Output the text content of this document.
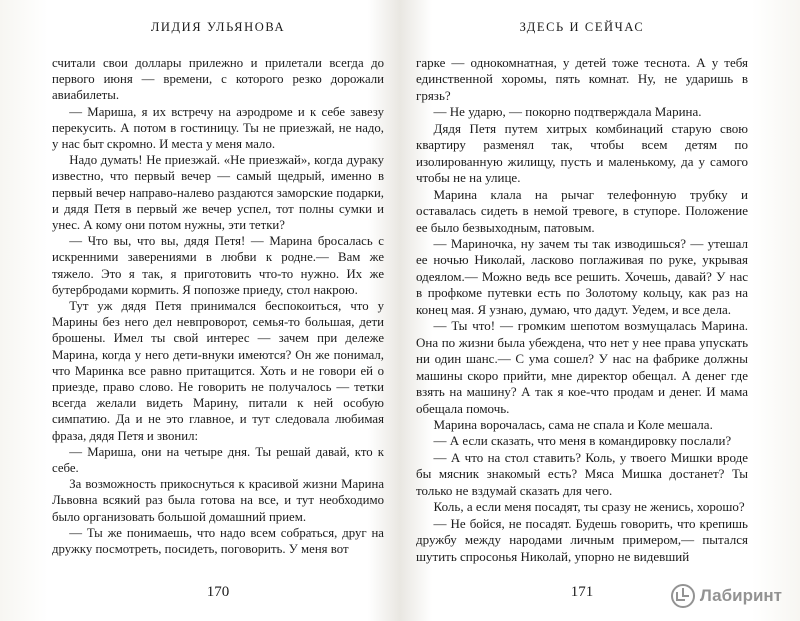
ЛИДИЯ УЛЬЯНОВА

считали свои доллары прилежно и прилетали всегда до первого июня — времени, с которого резко дорожали авиабилеты.

— Мариша, я их встречу на аэродроме и к себе завезу перекусить. А потом в гостиницу. Ты не приезжай, не надо, у нас быт скромно. И места у меня мало.

Надо думать! Не приезжай. «Не приезжай», когда дураку известно, что первый вечер — самый щедрый, именно в первый вечер направо-налево раздаются заморские подарки, и дядя Петя в первый же вечер успел, тот полны сумки и унес. А кому они потом нужны, эти тетки?

— Что вы, что вы, дядя Петя! — Марина бросалась с искренними заверениями в любви к родне.— Вам же тяжело. Это я так, я приготовить что-то нужно. Их же бутербродами кормить. Я попозже приеду, стол накрою.

Тут уж дядя Петя принимался беспокоиться, что у Марины без него дел невпроворот, семья-то большая, дети брошены. Имел ты свой интерес — зачем при дележе Марина, когда у него дети-внуки имеются? Он же понимал, что Маринка все равно притащится. Хоть и не говори ей о приезде, право слово. Не говорить не получалось — тетки всегда желали видеть Марину, питали к ней особую симпатию. Да и не это главное, и тут следовала любимая фраза, дядя Петя и звонил:

— Мариша, они на четыре дня. Ты решай давай, кто к себе.

За возможность прикоснуться к красивой жизни Марина Львовна всякий раз была готова на все, и тут необходимо было организовать большой домашний прием.

— Ты же понимаешь, что надо всем собраться, друг на дружку посмотреть, посидеть, поговорить. У меня вот

170
ЗДЕСЬ И СЕЙЧАС

гарке — однокомнатная, у детей тоже теснота. А у тебя единственной хоромы, пять комнат. Ну, не ударишь в грязь?

— Не ударю, — покорно подтверждала Марина.

Дядя Петя путем хитрых комбинаций старую свою квартиру разменял так, чтобы всем детям по изолированную жилищу, пусть и маленькому, да у самого чтобы не на улице.

Марина клала на рычаг телефонную трубку и оставалась сидеть в немой тревоге, в ступоре. Положение ее было безвыходным, патовым.

— Мариночка, ну зачем ты так изводишься? — утешал ее ночью Николай, ласково поглаживая по руке, укрывая одеялом.— Можно ведь все решить. Хочешь, давай? У нас в профкоме путевки есть по Золотому кольцу, как раз на конец мая. Я узнаю, думаю, что дадут. Уедем, и все дела.

— Ты что! — громким шепотом возмущалась Марина. Она по жизни была убеждена, что нет у нее права упускать ни один шанс.— С ума сошел? У нас на фабрике должны машины скоро прийти, мне директор обещал. А денег где взять на машину? А так я кое-что продам и денег. И мама обещала помочь.

Марина ворочалась, сама не спала и Коле мешала.

— А если сказать, что меня в командировку послали?

— А что на стол ставить? Коль, у твоего Мишки вроде бы мясник знакомый есть? Мяса Мишка достанет? Ты только не вздумай сказать для чего.

Коль, а если меня посадят, ты сразу не женись, хорошо?

— Не бойся, не посадят. Будешь говорить, что крепишь дружбу между народами личным примером,— пытался шутить спросонья Николай, упорно не видевший

171	Лабиринт
